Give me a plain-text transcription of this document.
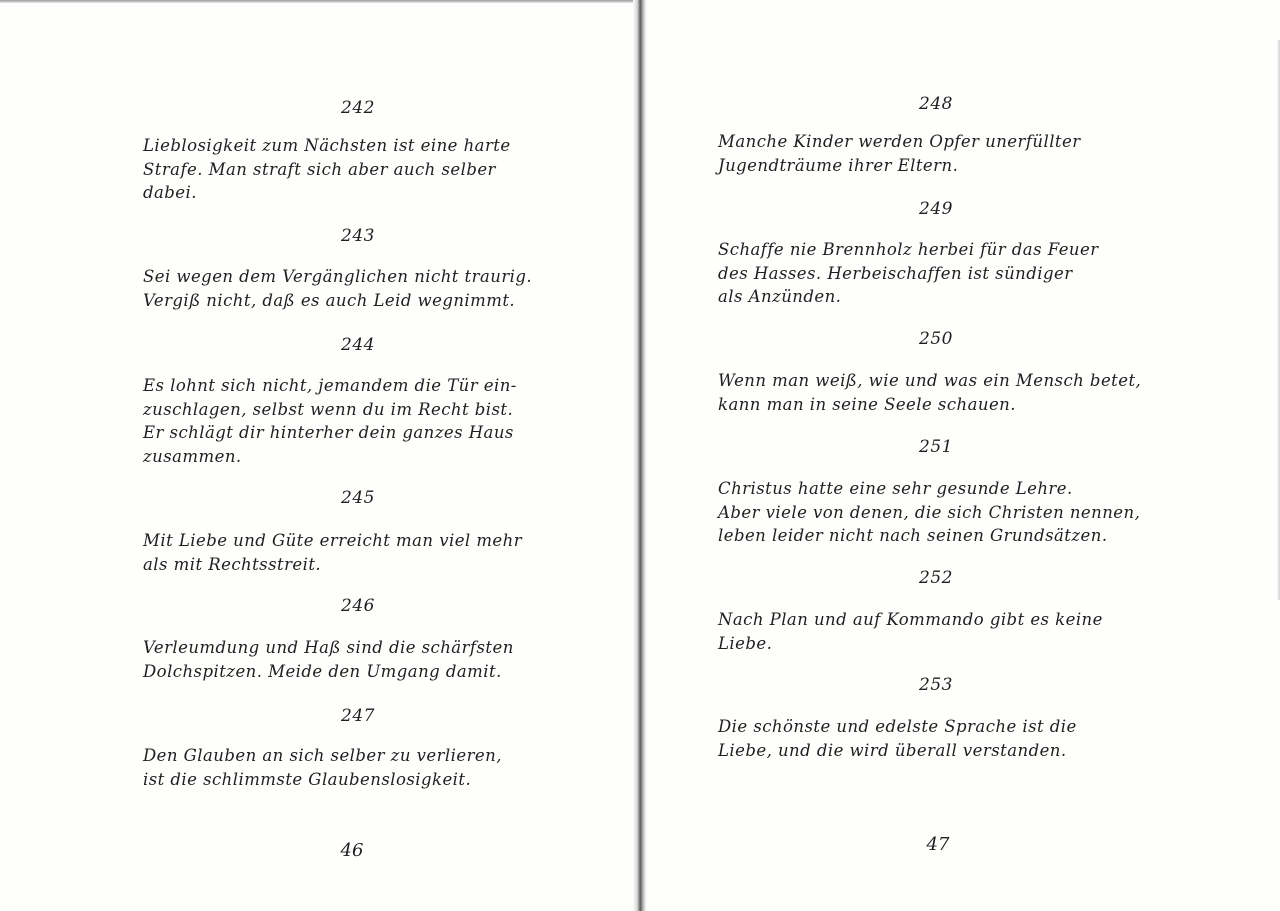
242
Lieblosigkeit zum Nächsten ist eine harte
Strafe. Man straft sich aber auch selber
dabei.
243
Sei wegen dem Vergänglichen nicht traurig.
Vergiß nicht, daß es auch Leid wegnimmt.
244
Es lohnt sich nicht, jemandem die Tür ein-
zuschlagen, selbst wenn du im Recht bist.
Er schlägt dir hinterher dein ganzes Haus
zusammen.
245
Mit Liebe und Güte erreicht man viel mehr
als mit Rechtsstreit.
246
Verleumdung und Haß sind die schärfsten
Dolchspitzen. Meide den Umgang damit.
247
Den Glauben an sich selber zu verlieren,
ist die schlimmste Glaubenslosigkeit.
46
248
Manche Kinder werden Opfer unerfüllter
Jugendträume ihrer Eltern.
249
Schaffe nie Brennholz herbei für das Feuer
des Hasses. Herbeischaffen ist sündiger
als Anzünden.
250
Wenn man weiß, wie und was ein Mensch betet,
kann man in seine Seele schauen.
251
Christus hatte eine sehr gesunde Lehre.
Aber viele von denen, die sich Christen nennen,
leben leider nicht nach seinen Grundsätzen.
252
Nach Plan und auf Kommando gibt es keine
Liebe.
253
Die schönste und edelste Sprache ist die
Liebe, und die wird überall verstanden.
47
